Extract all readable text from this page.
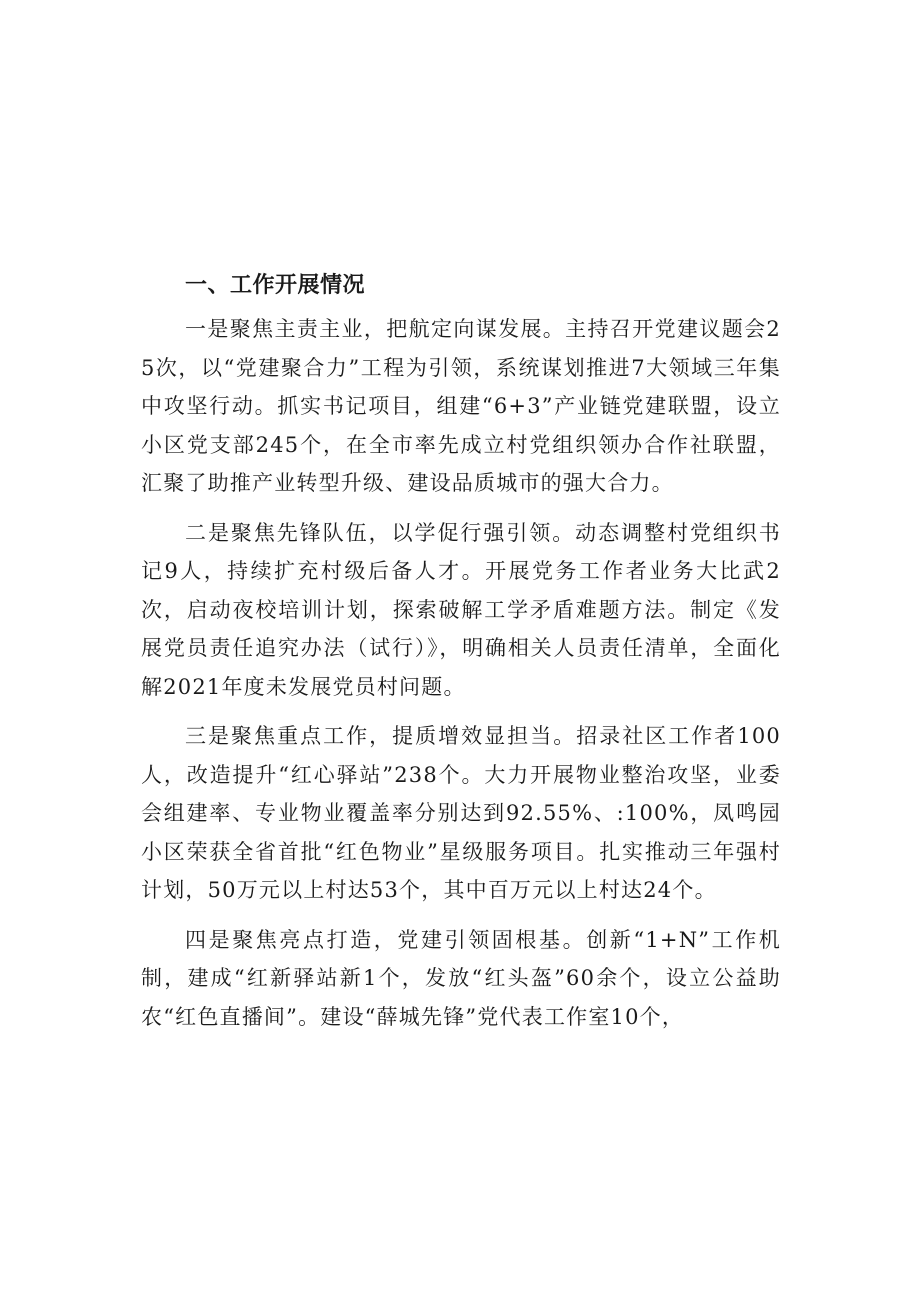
一、工作开展情况

一是聚焦主责主业，把航定向谋发展。主持召开党建议题会25次，以“党建聚合力”工程为引领，系统谋划推进7大领域三年集中攻坚行动。抓实书记项目，组建“6+3”产业链党建联盟，设立小区党支部245个，在全市率先成立村党组织领办合作社联盟，汇聚了助推产业转型升级、建设品质城市的强大合力。

二是聚焦先锋队伍，以学促行强引领。动态调整村党组织书记9人，持续扩充村级后备人才。开展党务工作者业务大比武2次，启动夜校培训计划，探索破解工学矛盾难题方法。制定《发展党员责任追究办法（试行）》，明确相关人员责任清单，全面化解2021年度未发展党员村问题。

三是聚焦重点工作，提质增效显担当。招录社区工作者100人，改造提升“红心驿站”238个。大力开展物业整治攻坚，业委会组建率、专业物业覆盖率分别达到92.55%、:100%，凤鸣园小区荣获全省首批“红色物业”星级服务项目。扎实推动三年强村计划，50万元以上村达53个，其中百万元以上村达24个。

四是聚焦亮点打造，党建引领固根基。创新“1+N”工作机制，建成“红新驿站新1个，发放“红头盔”60余个，设立公益助农“红色直播间”。建设“薛城先锋”党代表工作室10个，
